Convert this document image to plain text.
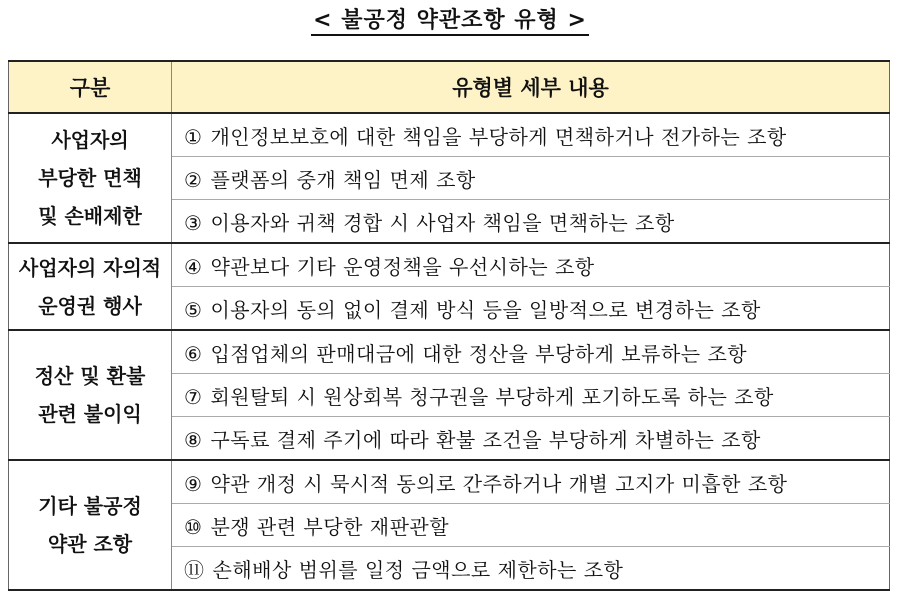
< 불공정 약관조항 유형 >
구분	유형별 세부 내용

사업자의
부당한 면책
및 손배제한	① 개인정보보호에 대한 책임을 부당하게 면책하거나 전가하는 조항
	② 플랫폼의 중개 책임 면제 조항
	③ 이용자와 귀책 경합 시 사업자 책임을 면책하는 조항

사업자의 자의적
운영권 행사	④ 약관보다 기타 운영정책을 우선시하는 조항
	⑤ 이용자의 동의 없이 결제 방식 등을 일방적으로 변경하는 조항

정산 및 환불
관련 불이익	⑥ 입점업체의 판매대금에 대한 정산을 부당하게 보류하는 조항
	⑦ 회원탈퇴 시 원상회복 청구권을 부당하게 포기하도록 하는 조항
	⑧ 구독료 결제 주기에 따라 환불 조건을 부당하게 차별하는 조항

기타 불공정
약관 조항	⑨ 약관 개정 시 묵시적 동의로 간주하거나 개별 고지가 미흡한 조항
	⑩ 분쟁 관련 부당한 재판관할
	⑪ 손해배상 범위를 일정 금액으로 제한하는 조항
